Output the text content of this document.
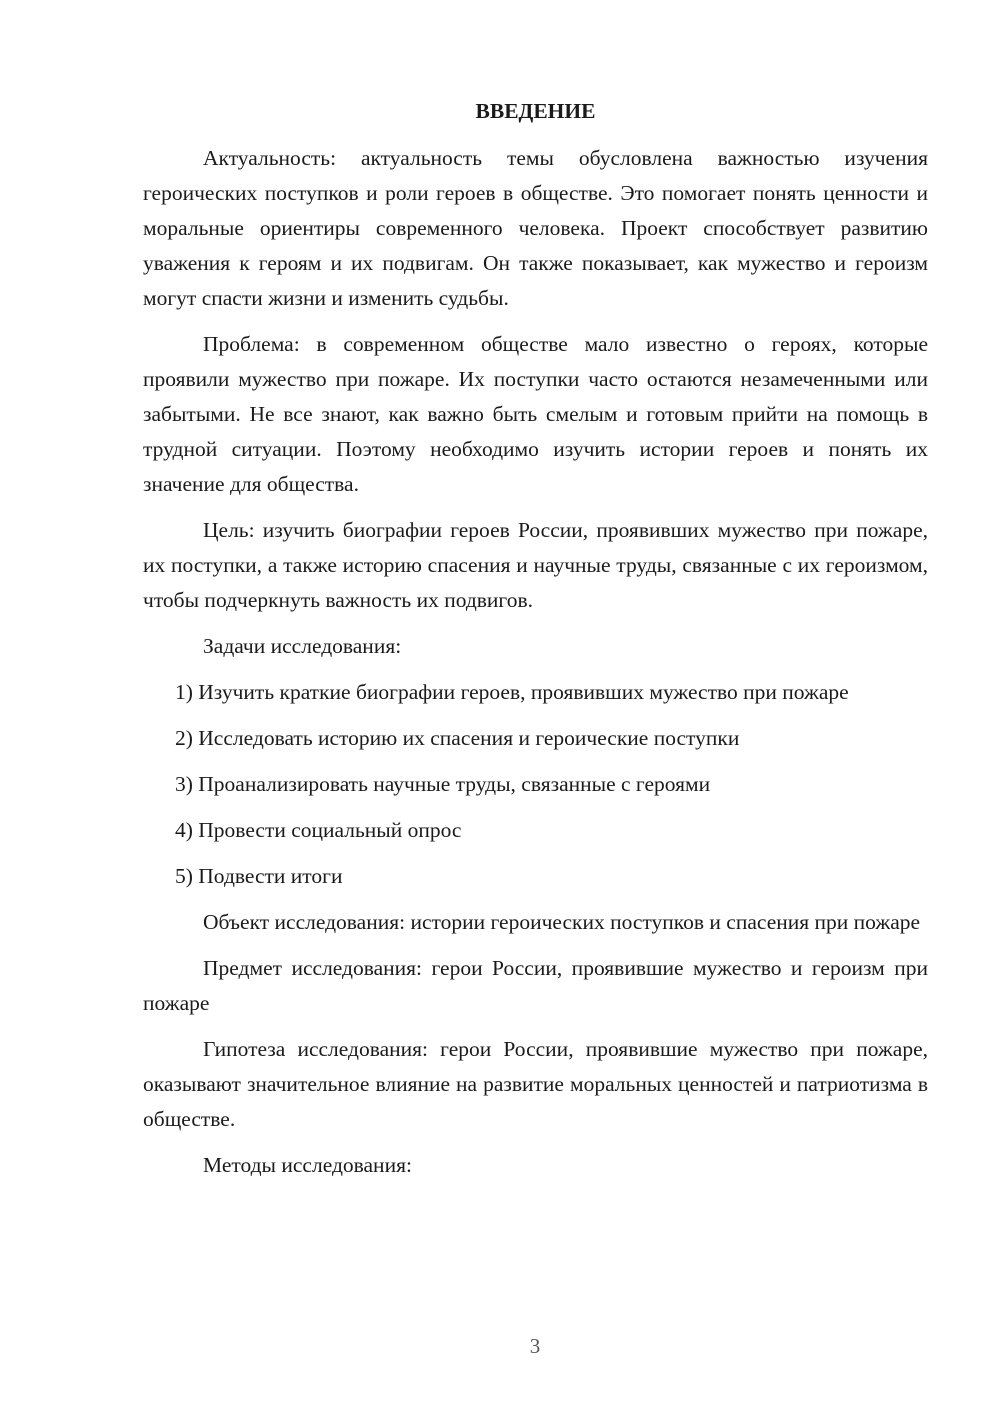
ВВЕДЕНИЕ

Актуальность: актуальность темы обусловлена важностью изучения героических поступков и роли героев в обществе. Это помогает понять ценности и моральные ориентиры современного человека. Проект способствует развитию уважения к героям и их подвигам. Он также показывает, как мужество и героизм могут спасти жизни и изменить судьбы.

Проблема: в современном обществе мало известно о героях, которые проявили мужество при пожаре. Их поступки часто остаются незамеченными или забытыми. Не все знают, как важно быть смелым и готовым прийти на помощь в трудной ситуации. Поэтому необходимо изучить истории героев и понять их значение для общества.

Цель: изучить биографии героев России, проявивших мужество при пожаре, их поступки, а также историю спасения и научные труды, связанные с их героизмом, чтобы подчеркнуть важность их подвигов.

Задачи исследования:

1) Изучить краткие биографии героев, проявивших мужество при пожаре

2) Исследовать историю их спасения и героические поступки

3) Проанализировать научные труды, связанные с героями

4) Провести социальный опрос

5) Подвести итоги

Объект исследования: истории героических поступков и спасения при пожаре

Предмет исследования: герои России, проявившие мужество и героизм при пожаре

Гипотеза исследования: герои России, проявившие мужество при пожаре, оказывают значительное влияние на развитие моральных ценностей и патриотизма в обществе.

Методы исследования:

3
